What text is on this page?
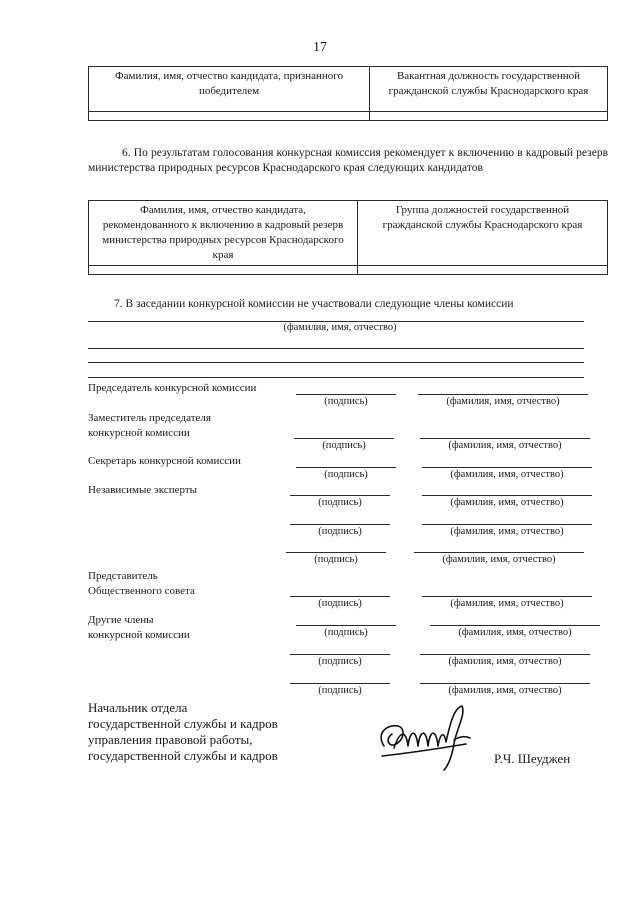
17
Фамилия, имя, отчество кандидата, признанного победителем	Вакантная должность государственной гражданской службы Краснодарского края

6. По результатам голосования конкурсная комиссия рекомендует к включению в кадровый резерв министерства природных ресурсов Краснодарского края следующих кандидатов
Фамилия, имя, отчество кандидата, рекомендованного к включению в кадровый резерв министерства природных ресурсов Краснодарского края	Группа должностей государственной гражданской службы Краснодарского края

7. В заседании конкурсной комиссии не участвовали следующие члены комиссии
(фамилия, имя, отчество)
Председатель конкурсной комиссии
(подпись)	(фамилия, имя, отчество)
Заместитель председателя
конкурсной комиссии
(подпись)	(фамилия, имя, отчество)
Секретарь конкурсной комиссии
(подпись)	(фамилия, имя, отчество)
Независимые эксперты
(подпись)	(фамилия, имя, отчество)
(подпись)	(фамилия, имя, отчество)
(подпись)	(фамилия, имя, отчество)
Представитель
Общественного совета
(подпись)	(фамилия, имя, отчество)
Другие члены
конкурсной комиссии	(подпись)	(фамилия, имя, отчество)
(подпись)	(фамилия, имя, отчество)
(подпись)	(фамилия, имя, отчество)
Начальник отдела
государственной службы и кадров
управления правовой работы,
государственной службы и кадров	Р.Ч. Шеуджен
